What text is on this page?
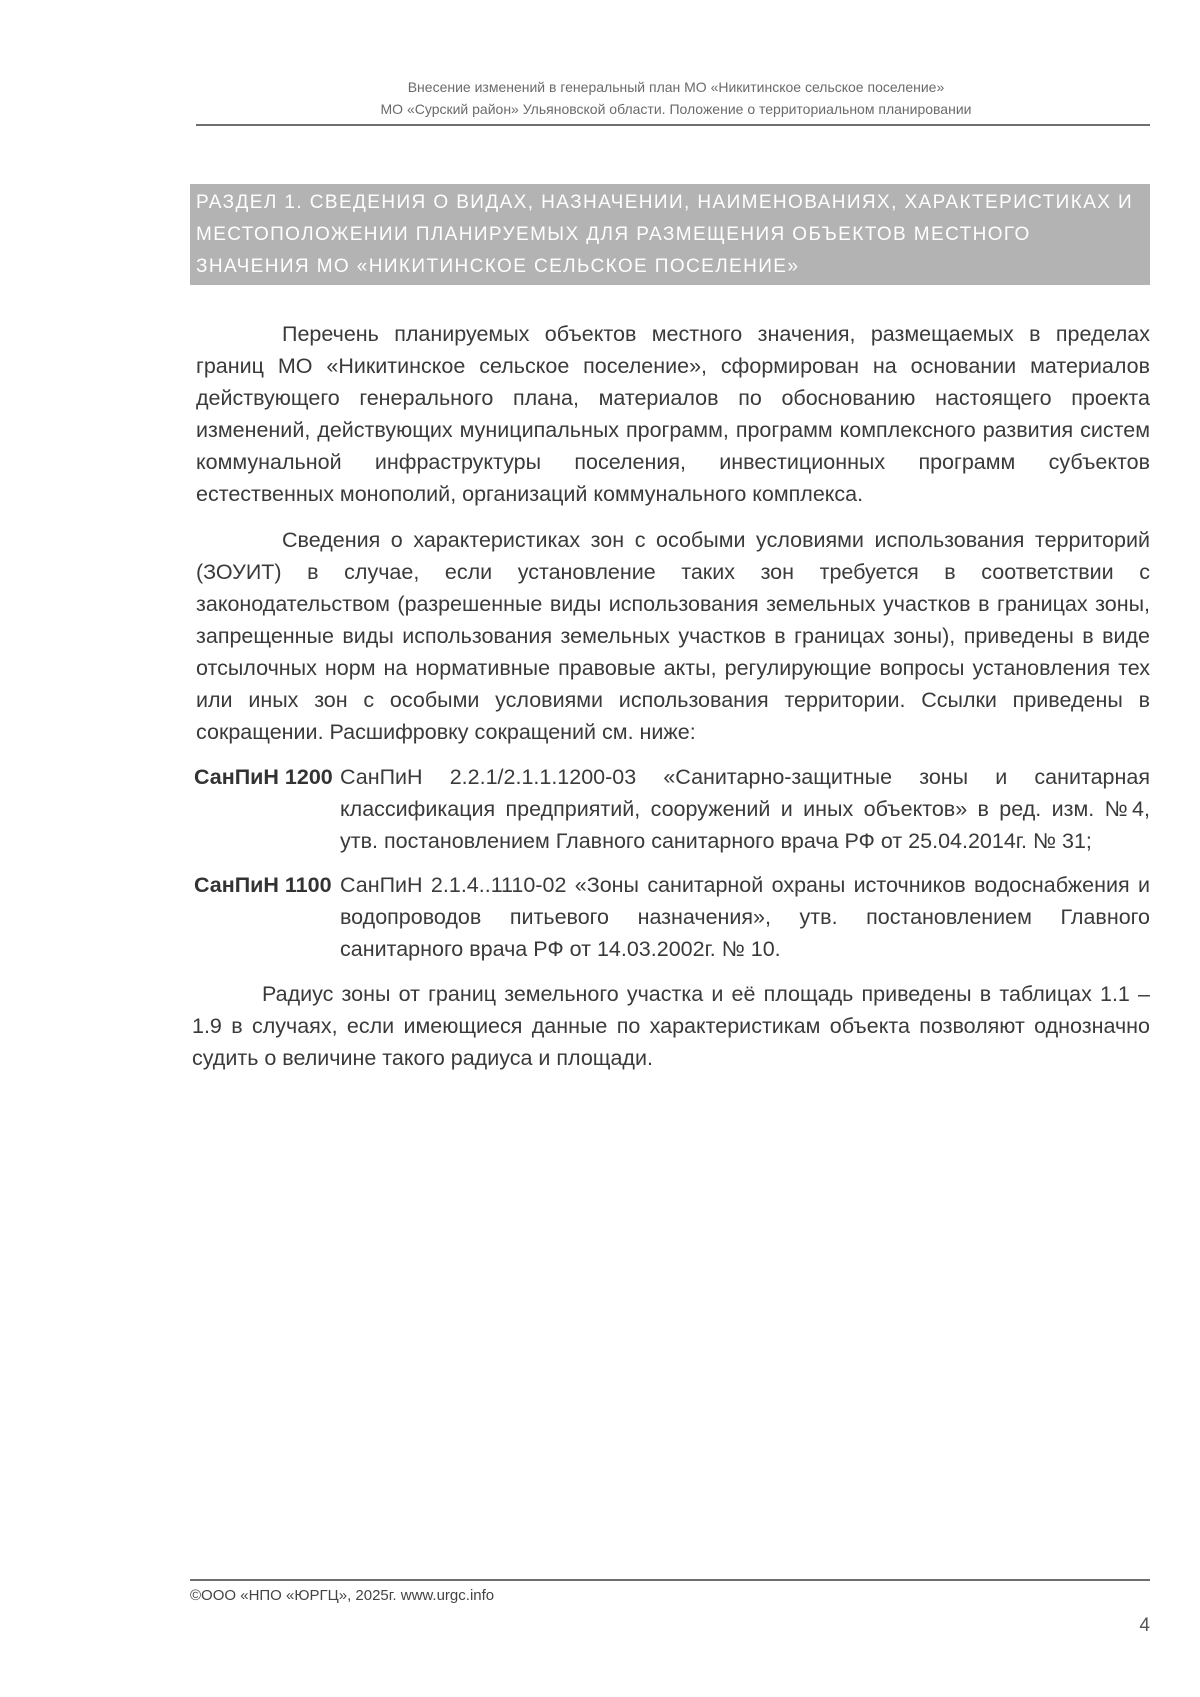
Внесение изменений в генеральный план МО «Никитинское сельское поселение»
МО «Сурский район» Ульяновской области. Положение о территориальном планировании
РАЗДЕЛ 1. СВЕДЕНИЯ О ВИДАХ, НАЗНАЧЕНИИ, НАИМЕНОВАНИЯХ, ХАРАКТЕРИСТИКАХ И МЕСТОПОЛОЖЕНИИ ПЛАНИРУЕМЫХ ДЛЯ РАЗМЕЩЕНИЯ ОБЪЕКТОВ МЕСТНОГО ЗНАЧЕНИЯ МО «НИКИТИНСКОЕ СЕЛЬСКОЕ ПОСЕЛЕНИЕ»

Перечень планируемых объектов местного значения, размещаемых в пределах границ МО «Никитинское сельское поселение», сформирован на основании материалов действующего генерального плана, материалов по обоснованию настоящего проекта изменений, действующих муниципальных программ, программ комплексного развития систем коммунальной инфраструктуры поселения, инвестиционных программ субъектов естественных монополий, организаций коммунального комплекса.

Сведения о характеристиках зон с особыми условиями использования территорий (ЗОУИТ) в случае, если установление таких зон требуется в соответствии с законодательством (разрешенные виды использования земельных участков в границах зоны, запрещенные виды использования земельных участков в границах зоны), приведены в виде отсылочных норм на нормативные правовые акты, регулирующие вопросы установления тех или иных зон с особыми условиями использования территории. Ссылки приведены в сокращении. Расшифровку сокращений см. ниже:

СанПиН 1200 СанПиН 2.2.1/2.1.1.1200-03 «Санитарно-защитные зоны и санитарная классификация предприятий, сооружений и иных объектов» в ред. изм. №4, утв. постановлением Главного санитарного врача РФ от 25.04.2014г. № 31;

СанПиН 1100 СанПиН 2.1.4..1110-02 «Зоны санитарной охраны источников водоснабжения и водопроводов питьевого назначения», утв. постановлением Главного санитарного врача РФ от 14.03.2002г. № 10.

Радиус зоны от границ земельного участка и её площадь приведены в таблицах 1.1 – 1.9 в случаях, если имеющиеся данные по характеристикам объекта позволяют однозначно судить о величине такого радиуса и площади.

©ООО «НПО «ЮРГЦ», 2025г. www.urgc.info
4
